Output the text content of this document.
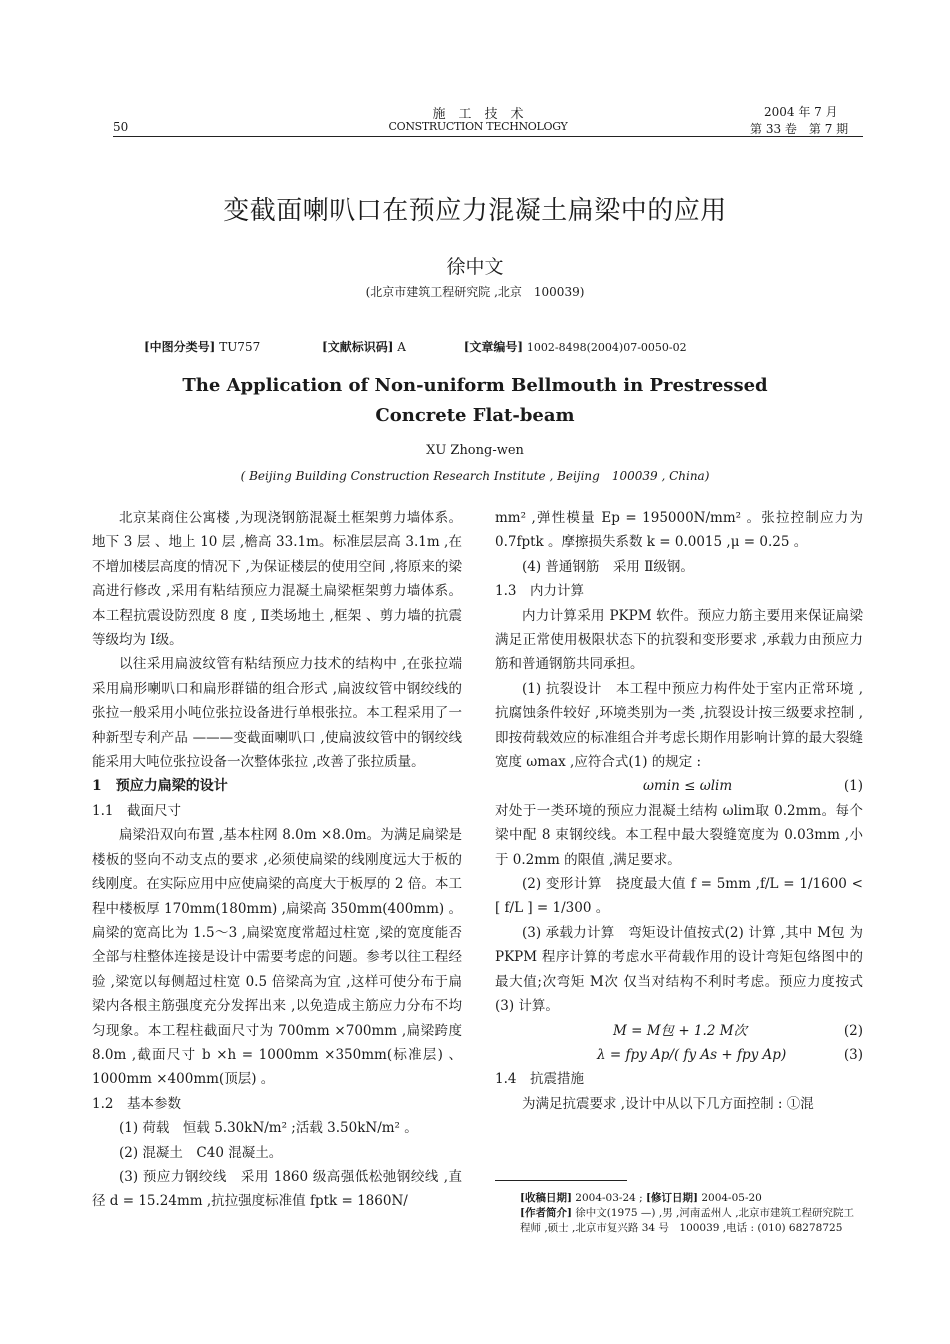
50
施　工　技　术
CONSTRUCTION TECHNOLOGY
2004 年 7 月
第 33 卷　第 7 期
变截面喇叭口在预应力混凝土扁梁中的应用
徐中文
(北京市建筑工程研究院 ,北京　100039)
[中图分类号] TU757	[文献标识码] A	[文章编号] 1002-8498(2004)07-0050-02
The Application of Non-uniform Bellmouth in Prestressed
Concrete Flat-beam
XU Zhong-wen
( Beijing Building Construction Research Institute , Beijing　100039 , China)

北京某商住公寓楼 ,为现浇钢筋混凝土框架剪力墙体系。地下 3 层 、地上 10 层 ,檐高 33.1m。标准层层高 3.1m ,在不增加楼层高度的情况下 ,为保证楼层的使用空间 ,将原来的梁高进行修改 ,采用有粘结预应力混凝土扁梁框架剪力墙体系。本工程抗震设防烈度 8 度 , Ⅱ类场地土 ,框架 、剪力墙的抗震等级均为 Ⅰ级。

以往采用扁波纹管有粘结预应力技术的结构中 ,在张拉端采用扁形喇叭口和扁形群锚的组合形式 ,扁波纹管中钢绞线的张拉一般采用小吨位张拉设备进行单根张拉。本工程采用了一种新型专利产品 ———变截面喇叭口 ,使扁波纹管中的钢绞线能采用大吨位张拉设备一次整体张拉 ,改善了张拉质量。

1　预应力扁梁的设计

1.1　截面尺寸

扁梁沿双向布置 ,基本柱网 8.0m ×8.0m。为满足扁梁是楼板的竖向不动支点的要求 ,必须使扁梁的线刚度远大于板的线刚度。在实际应用中应使扁梁的高度大于板厚的 2 倍。本工程中楼板厚 170mm(180mm) ,扁梁高 350mm(400mm) 。扁梁的宽高比为 1.5～3 ,扁梁宽度常超过柱宽 ,梁的宽度能否全部与柱整体连接是设计中需要考虑的问题。参考以往工程经验 ,梁宽以每侧超过柱宽 0.5 倍梁高为宜 ,这样可使分布于扁梁内各根主筋强度充分发挥出来 ,以免造成主筋应力分布不均匀现象。本工程柱截面尺寸为 700mm ×700mm ,扁梁跨度 8.0m ,截面尺寸 b ×h = 1000mm ×350mm(标准层) 、1000mm ×400mm(顶层) 。

1.2　基本参数

(1) 荷载　恒载 5.30kN/m² ;活载 3.50kN/m² 。

(2) 混凝土　C40 混凝土。

(3) 预应力钢绞线　采用 1860 级高强低松弛钢绞线 ,直径 d = 15.24mm ,抗拉强度标准值 fptk = 1860N/

mm² ,弹性模量 Ep = 195000N/mm² 。张拉控制应力为 0.7fptk 。摩擦损失系数 k = 0.0015 ,μ = 0.25 。

(4) 普通钢筋　采用 Ⅱ级钢。

1.3　内力计算

内力计算采用 PKPM 软件。预应力筋主要用来保证扁梁满足正常使用极限状态下的抗裂和变形要求 ,承载力由预应力筋和普通钢筋共同承担。

(1) 抗裂设计　本工程中预应力构件处于室内正常环境 ,抗腐蚀条件较好 ,环境类别为一类 ,抗裂设计按三级要求控制 ,即按荷载效应的标准组合并考虑长期作用影响计算的最大裂缝宽度 ωmax ,应符合式(1) 的规定 :

ωmin ≤ ωlim	(1)

对处于一类环境的预应力混凝土结构 ωlim取 0.2mm。每个梁中配 8 束钢绞线。本工程中最大裂缝宽度为 0.03mm ,小于 0.2mm 的限值 ,满足要求。

(2) 变形计算　挠度最大值 f = 5mm ,f/L = 1/1600 < [ f/L ] = 1/300 。

(3) 承载力计算　弯矩设计值按式(2) 计算 ,其中 M包 为 PKPM 程序计算的考虑水平荷载作用的设计弯矩包络图中的最大值;次弯矩 M次 仅当对结构不利时考虑。预应力度按式(3) 计算。

M = M包 + 1.2 M次	(2)
λ = fpy Ap/( fy As + fpy Ap)	(3)

1.4　抗震措施

为满足抗震要求 ,设计中从以下几方面控制 : ①混

[收稿日期] 2004-03-24 ; [修订日期] 2004-05-20

[作者简介] 徐中文(1975 —) ,男 ,河南孟州人 ,北京市建筑工程研究院工程师 ,硕士 ,北京市复兴路 34 号　100039 ,电话 : (010) 68278725
